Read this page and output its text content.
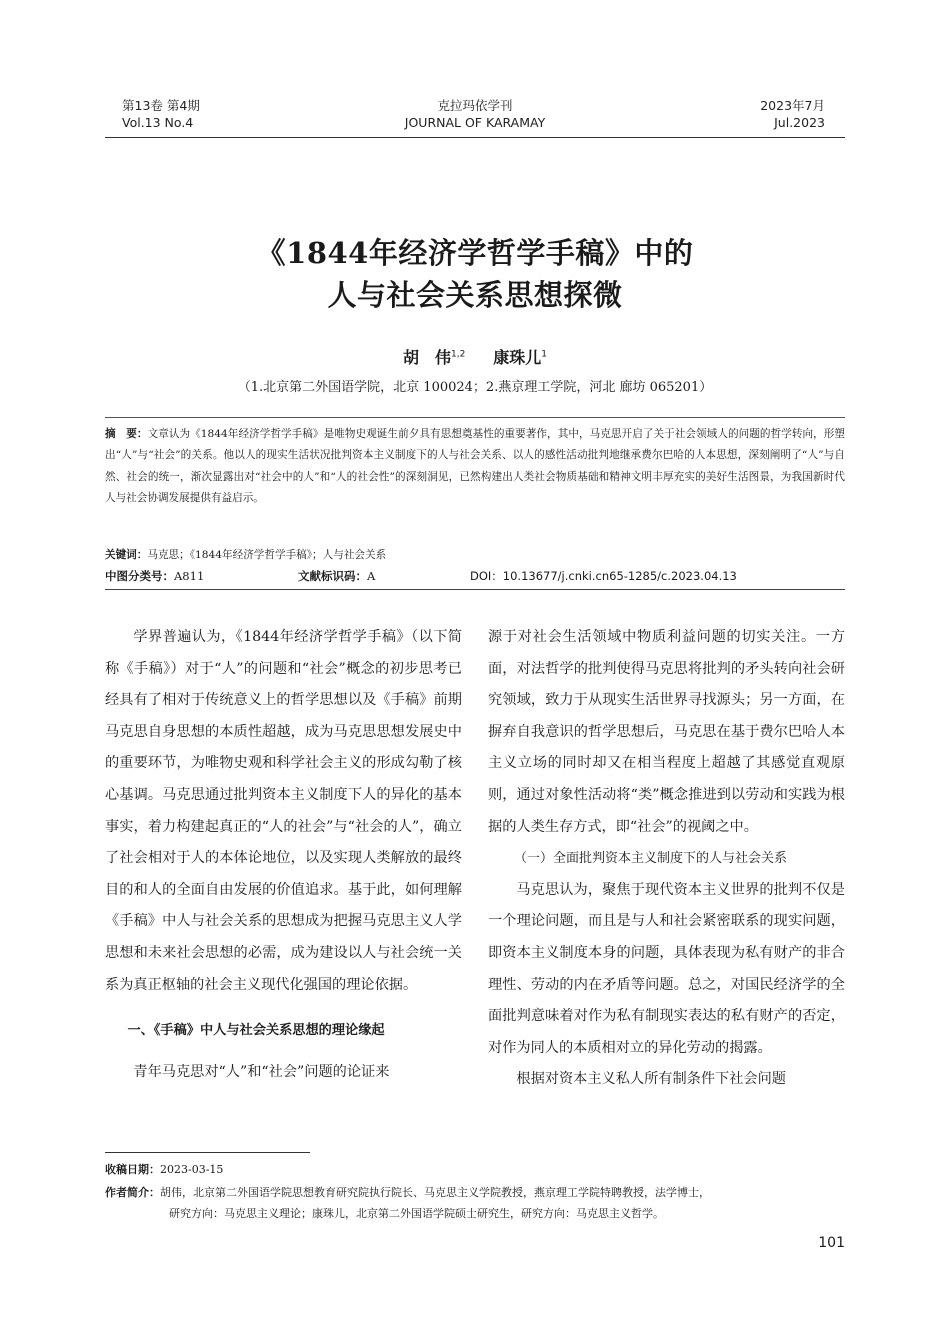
第13卷 第4期
Vol.13 No.4
克拉玛依学刊
JOURNAL OF KARAMAY
2023年7月
Jul.2023
《1844年经济学哲学手稿》中的
人与社会关系思想探微
胡　伟$^{1,2}$ 康珠儿$^1$
（1.北京第二外国语学院，北京 100024；2.燕京理工学院，河北 廊坊 065201）
摘　要：文章认为《1844年经济学哲学手稿》是唯物史观诞生前夕具有思想奠基性的重要著作，其中，马克思开启了关于社会领域人的问题的哲学转向，形塑出“人”与“社会”的关系。他以人的现实生活状况批判资本主义制度下的人与社会关系、以人的感性活动批判地继承费尔巴哈的人本思想，深刻阐明了“人”与自然、社会的统一，渐次显露出对“社会中的人”和“人的社会性”的深刻洞见，已然构建出人类社会物质基础和精神文明丰厚充实的美好生活图景，为我国新时代人与社会协调发展提供有益启示。
关键词：马克思；《1844年经济学哲学手稿》；人与社会关系
中图分类号：A811	文献标识码：A	DOI：10.13677/j.cnki.cn65-1285/c.2023.04.13

学界普遍认为，《1844年经济学哲学手稿》（以下简称《手稿》）对于“人”的问题和“社会”概念的初步思考已经具有了相对于传统意义上的哲学思想以及《手稿》前期马克思自身思想的本质性超越，成为马克思思想发展史中的重要环节，为唯物史观和科学社会主义的形成勾勒了核心基调。马克思通过批判资本主义制度下人的异化的基本事实，着力构建起真正的“人的社会”与“社会的人”，确立了社会相对于人的本体论地位，以及实现人类解放的最终目的和人的全面自由发展的价值追求。基于此，如何理解《手稿》中人与社会关系的思想成为把握马克思主义人学思想和未来社会思想的必需，成为建设以人与社会统一关系为真正枢轴的社会主义现代化强国的理论依据。

一、《手稿》中人与社会关系思想的理论缘起

青年马克思对“人”和“社会”问题的论证来

源于对社会生活领域中物质利益问题的切实关注。一方面，对法哲学的批判使得马克思将批判的矛头转向社会研究领域，致力于从现实生活世界寻找源头；另一方面，在摒弃自我意识的哲学思想后，马克思在基于费尔巴哈人本主义立场的同时却又在相当程度上超越了其感觉直观原则，通过对象性活动将“类”概念推进到以劳动和实践为根据的人类生存方式，即“社会”的视阈之中。

（一）全面批判资本主义制度下的人与社会关系

马克思认为，聚焦于现代资本主义世界的批判不仅是一个理论问题，而且是与人和社会紧密联系的现实问题，即资本主义制度本身的问题，具体表现为私有财产的非合理性、劳动的内在矛盾等问题。总之，对国民经济学的全面批判意味着对作为私有制现实表达的私有财产的否定，对作为同人的本质相对立的异化劳动的揭露。

根据对资本主义私人所有制条件下社会问题

收稿日期：2023-03-15
作者简介：胡伟，北京第二外国语学院思想教育研究院执行院长、马克思主义学院教授，燕京理工学院特聘教授，法学博士，
研究方向：马克思主义理论；康珠儿，北京第二外国语学院硕士研究生，研究方向：马克思主义哲学。
101
